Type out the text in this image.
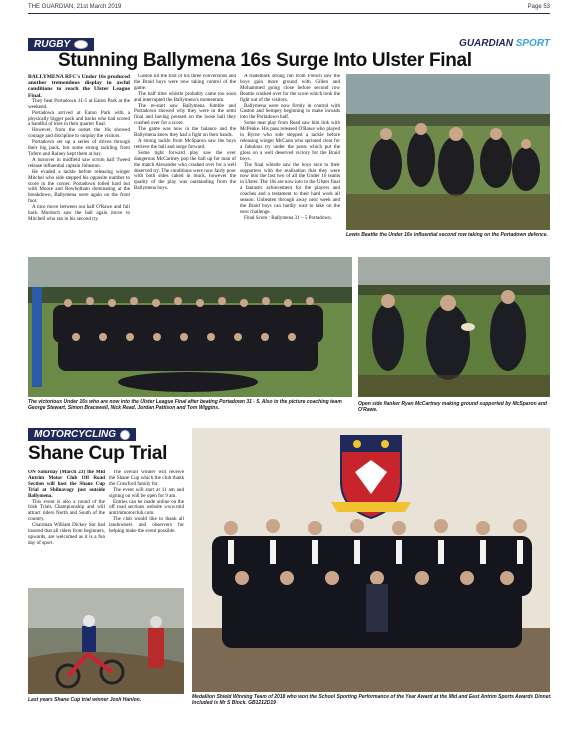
THE GUARDIAN, 21st March 2019	Page 53
RUGBY	GUARDIAN SPORT
Stunning Ballymena 16s Surge Into Ulster Final

BALLYMENA RFC's Under 16s produced another tremendous display in awful conditions to reach the Ulster League Final.

They beat Portadown 31-5 at Eaton Park at the weekend.

Portadown arrived at Eaton Park with a physically bigger pack and backs who had scored a handful of tries in their quarter final.

However, from the outset the 16s showed courage and discipline to outplay the visitors.

Portadown set up a series of drives through their big pack, but some strong tackling from Tofern and Rainey kept them at bay.

A turnover in midfield saw scrum half Tweed release influential captain Johnston.

He evaded a tackle before releasing winger Mitchel who side stepped his opposite number to score in the corner. Portadown toiled hard but with Moore and Rowbotham dominating at the breakdown, Ballymena were again on the front foot.

A nice move between out half O'Rawe and full back Murdoch saw the ball again move to Mitchell who ran in his second try.

Gaston hit the first of his three conversions and the Braid boys were now taking control of the game.

The half time whistle probably came too soon and interrupted the Ballymena's momentum.

The re-start saw Ballymena fumble and Portadown showed why they were in the semi final and having pressed on the loose ball they crashed over for a score.

The game was now in the balance and the Ballymena knew they had a fight on their hands.

A strong tackle from McSparon saw the boys retrieve the ball and surge forward.

Some tight forward play saw the ever dangerous McCartney pop the ball up for man of the match Alexander who crashed over for a well deserved try. The conditions were now fairly poor with both sides caked in muck, however the quality of the play was outstanding from the Ballymena boys.

A trademark strong run from French saw the boys gain more ground with Gillen and Mohammed going close before second row Beattie crashed over for the score which took the fight out of the visitors.

Ballymena were now firmly in control with Gaston and Sempey beginning to make inroads into the Portadown half.

Some neat play from Read saw him link with McPeake. His pass released O'Rawe who played in Byrne who side stepped a tackle before releasing winger McCann who sprinted clear for a fabulous try under the posts which put the gloss on a well deserved victory for the Braid boys.

The final whistle saw the boys race to their supporters with the realisation that they were now into the last two of all the Under 16 teams in Ulster. The 16s are now into to the Ulster final a fantastic achievement for the players and coaches and a testament to their hard work all season. Unbeaten through away next week and the Braid boys can hardly wait to take on the next challenge.

Final Score : Ballymena 31 – 5 Portadown.

Lewis Beattie the Under 16s influential second row taking on the Portadown defence.
The victorious Under 16s who are now into the Ulster League Final after beating Portadown 31 - 5. Also in the picture coaching team George Stewart, Simon Bracewell, Nick Read, Jordan Pattison and Tom Wiggins.
Open side flanker Ryan McCartney making ground supported by McSparon and O'Rawe.
MOTORCYCLING
Shane Cup Trial

ON Saturday (March 23) the Mid Antrim Motor Club Off Road Section will host the Shane Cup Trial at Shilnavogy just outside Ballymena.

This event is also a round of the Irish Trials Championship and will attract riders North and South of the country.

Chairman William Dickey Snr had insured that all riders from beginners, upwards, are welcomed as it is a fun day of sport.

The overall winner will receive the Shane Cup which the club thank the Crawford family for.

The event will start at 11 am and signing on will be open for 9 am.

Entries can be made online on the off road sections website www.mid antrimmotorclub.com.

The club would like to thank all landowners and observers for helping make the event possible.

Last years Shane Cup trial winner Josh Hanlon.	Medallion Shield Winning Team of 2018 who won the School Sporting Performance of the Year Award at the Mid and East Antrim Sports Awards Dinner. Included is Mr S Block. GB1212D19
